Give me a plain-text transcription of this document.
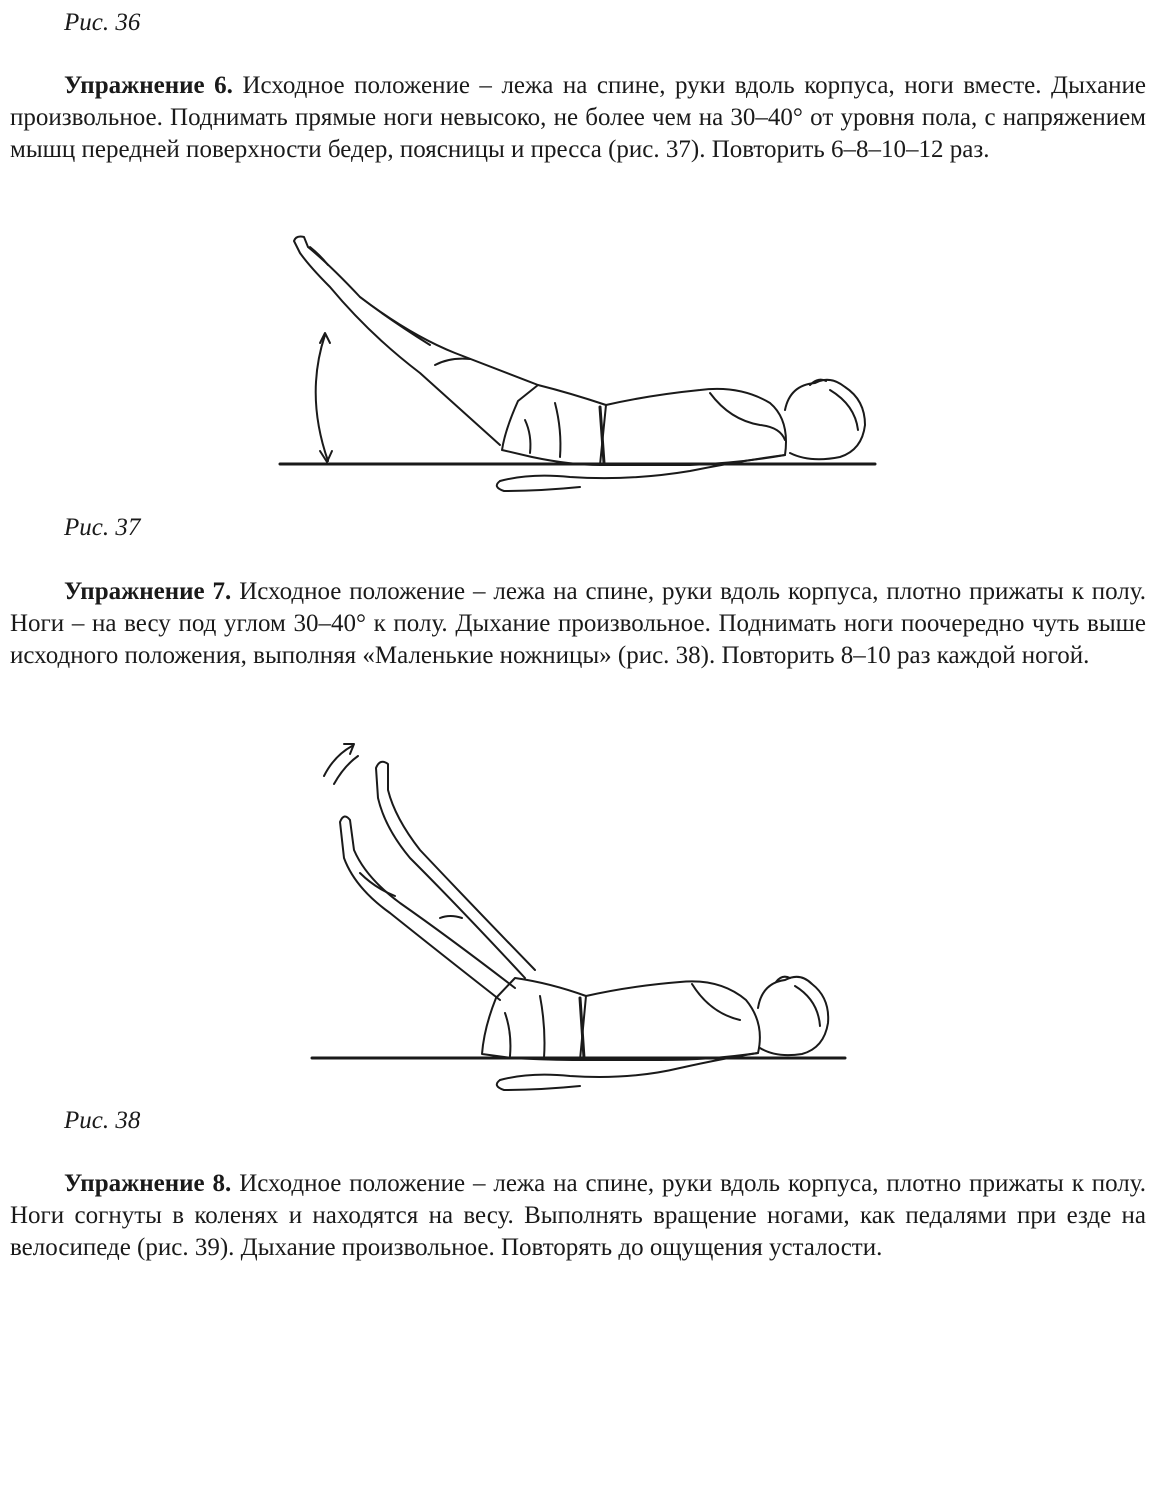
Рис. 36

Упражнение 6. Исходное положение – лежа на спине, руки вдоль корпуса, ноги вместе. Дыхание произвольное. Поднимать прямые ноги невысоко, не более чем на 30–40° от уровня пола, с напряжением мышц передней поверхности бедер, поясницы и пресса (рис. 37). Повторить 6–8–10–12 раз.

Рис. 37

Упражнение 7. Исходное положение – лежа на спине, руки вдоль корпуса, плотно прижаты к полу. Ноги – на весу под углом 30–40° к полу. Дыхание произвольное. Поднимать ноги поочередно чуть выше исходного положения, выполняя «Маленькие ножницы» (рис. 38). Повторить 8–10 раз каждой ногой.

Рис. 38

Упражнение 8. Исходное положение – лежа на спине, руки вдоль корпуса, плотно прижаты к полу. Ноги согнуты в коленях и находятся на весу. Выполнять вращение ногами, как педалями при езде на велосипеде (рис. 39). Дыхание произвольное. Повторять до ощущения усталости.
